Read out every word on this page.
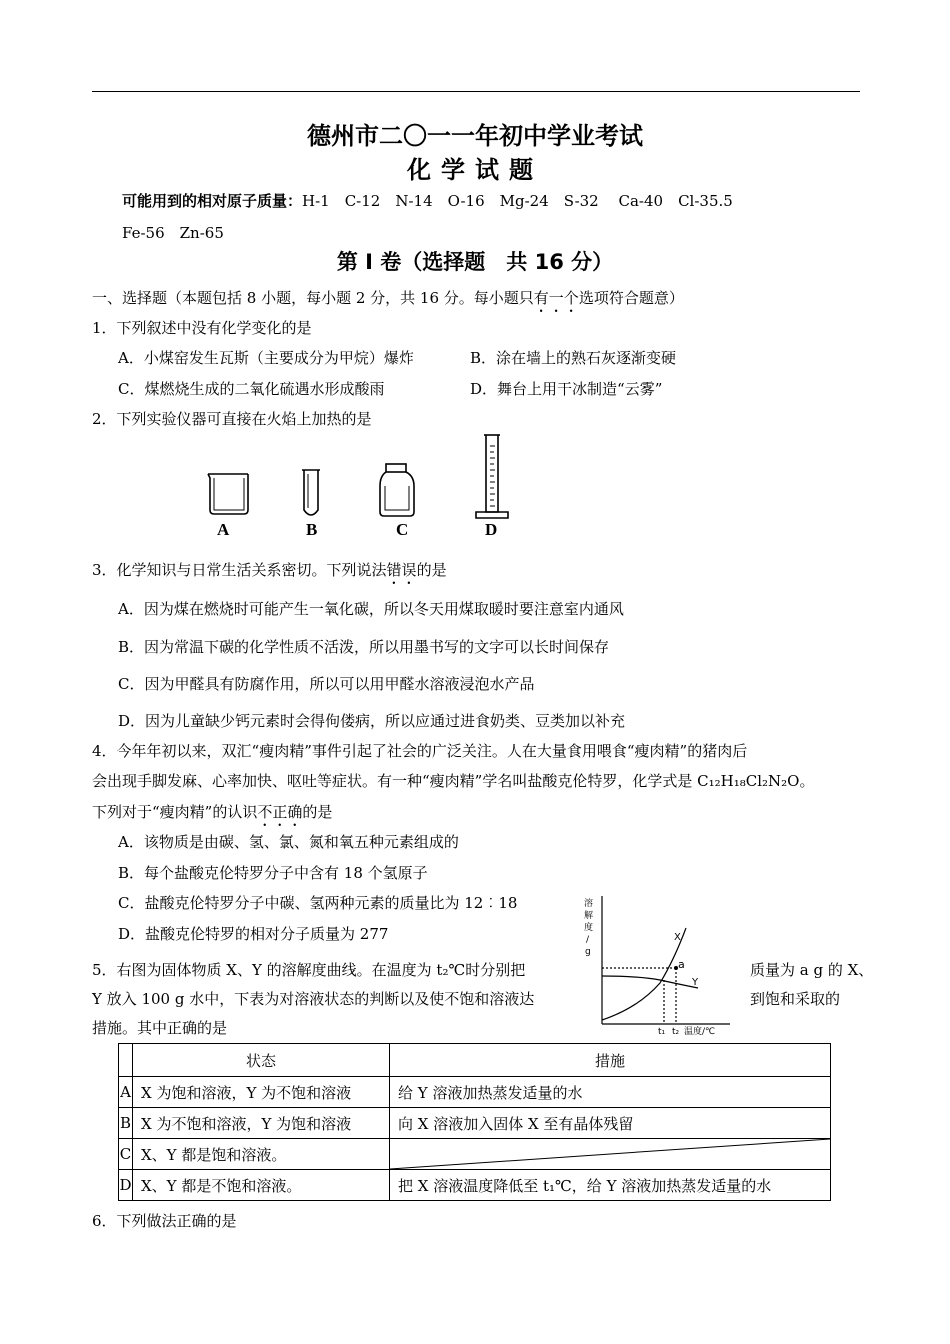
德州市二〇一一年初中学业考试
化学试题
可能用到的相对原子质量：H-1　C-12　N-14　O-16　Mg-24　S-32　 Ca-40　Cl-35.5
Fe-56　Zn-65
第 I 卷（选择题　共 16 分）
一、选择题（本题包括 8 小题，每小题 2 分，共 16 分。每小题只有一个选项符合题意）
1．下列叙述中没有化学变化的是
A．小煤窑发生瓦斯（主要成分为甲烷）爆炸	B．涂在墙上的熟石灰逐渐变硬
C．煤燃烧生成的二氧化硫遇水形成酸雨	D．舞台上用干冰制造“云雾”
2．下列实验仪器可直接在火焰上加热的是
A	B	C	D
3．化学知识与日常生活关系密切。下列说法错误的是
A．因为煤在燃烧时可能产生一氧化碳，所以冬天用煤取暖时要注意室内通风
B．因为常温下碳的化学性质不活泼，所以用墨书写的文字可以长时间保存
C．因为甲醛具有防腐作用，所以可以用甲醛水溶液浸泡水产品
D．因为儿童缺少钙元素时会得佝偻病，所以应通过进食奶类、豆类加以补充
4．今年年初以来，双汇“瘦肉精”事件引起了社会的广泛关注。人在大量食用喂食“瘦肉精”的猪肉后
会出现手脚发麻、心率加快、呕吐等症状。有一种“瘦肉精”学名叫盐酸克伦特罗，化学式是 C₁₂H₁₈Cl₂N₂O。
下列对于“瘦肉精”的认识不正确的是
A．该物质是由碳、氢、氯、氮和氧五种元素组成的
B．每个盐酸克伦特罗分子中含有 18 个氢原子
C．盐酸克伦特罗分子中碳、氢两种元素的质量比为 12︰18
D．盐酸克伦特罗的相对分子质量为 277
5．右图为固体物质 X、Y 的溶解度曲线。在温度为 t₂℃时分别把	质量为 a g 的 X、
Y 放入 100 g 水中，下表为对溶液状态的判断以及使不饱和溶液达	到饱和采取的
措施。其中正确的是
溶
解
度
/
g
X
Y
a
t₁ t₂ 温度/℃
	状态	措施
A	X 为饱和溶液，Y 为不饱和溶液	给 Y 溶液加热蒸发适量的水
B	X 为不饱和溶液，Y 为饱和溶液	向 X 溶液加入固体 X 至有晶体残留
C	X、Y 都是饱和溶液。	

D	X、Y 都是不饱和溶液。	把 X 溶液温度降低至 t₁℃，给 Y 溶液加热蒸发适量的水
6．下列做法正确的是
